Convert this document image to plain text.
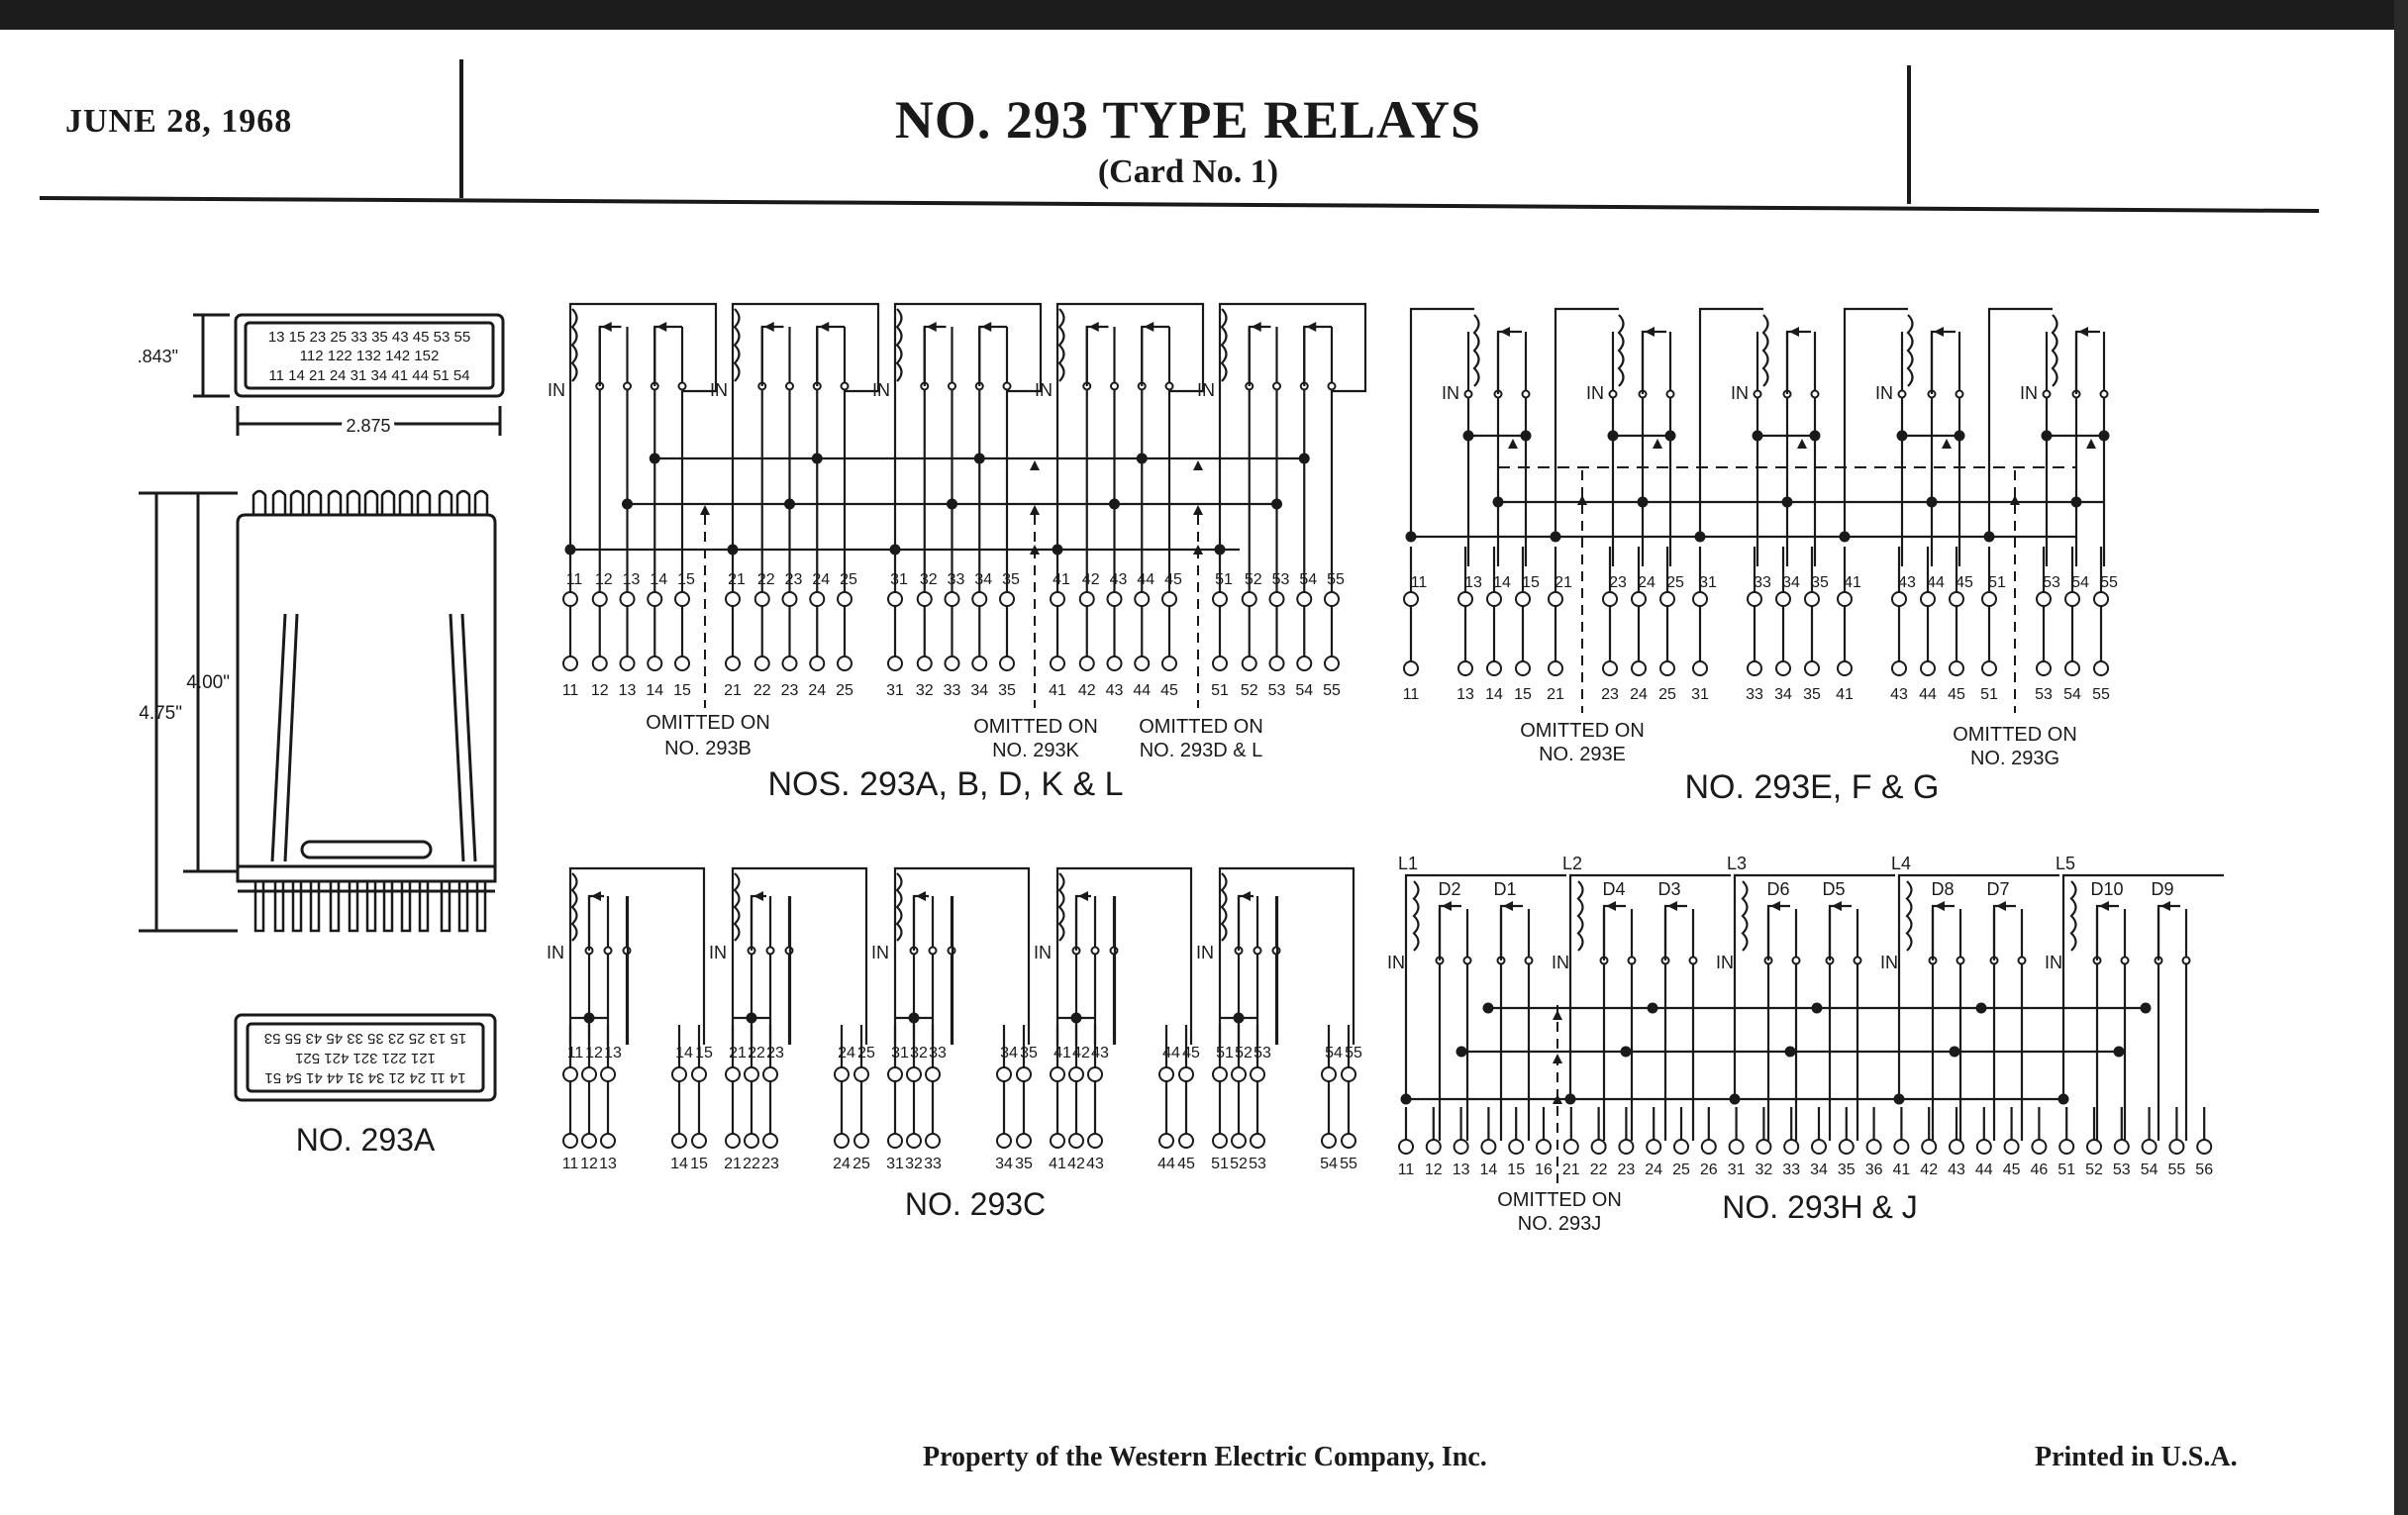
JUNE 28, 1968	NO. 293 TYPE RELAYS
(Card No. 1)
Property of the Western Electric Company, Inc.	Printed in U.S.A.
.843"
2.875
4.00"
4.75"
13 15 23 25 33 35 43 45 53 55
112 122 132 142 152
11 14 21 24 31 34 41 44 51 54
14 11 24 21 34 31 44 41 54 51
121 221 321 421 521
15 13 25 23 35 33 45 43 55 53
NO. 293A
IN
11
11
12
12
13
13
14
14
15
15
IN
21
21
22
22
23
23
24
24
25
25
IN
31
31
32
32
33
33
34
34
35
35
IN
41
41
42
42
43
43
44
44
45
45
IN
51
51
52
52
53
53
54
54
55
55
IN	IN	IN	IN	IN
11
11
13
13
14
14
15
15
21
21
23
23
24
24
25
25
31
31
33
33
34
34
35
35
41
41
43
43
44
44
45
45
51
51
53
53
54
54
55
55
IN
11
11
12
12
13
13
14
14
15
15
IN
21
21
22
22
23
23
24
24
25
25
IN
31
31
32
32
33
33
34
34
35
35
IN
41
41
42
42
43
43
44
44
45
45
IN
51
51
52
52
53
53
54
54
55
55
L1
IN
D2 D1
L2
IN
D4 D3
L3
IN
D6 D5
L4
IN
D8 D7
L5
IN
D10 D9
11 12 13 14 15 16 21 22 23 24 25 26 31 32 33 34 35 36 41 42 43 44 45 46 51 52 53 54 55 56
NOS. 293A, B, D, K & L
OMITTED ON
NO. 293B
OMITTED ON
NO. 293K
OMITTED ON
NO. 293D & L
NO. 293E, F & G
OMITTED ON
NO. 293E
OMITTED ON
NO. 293G
NO. 293C	NO. 293H & J
OMITTED ON
NO. 293J
